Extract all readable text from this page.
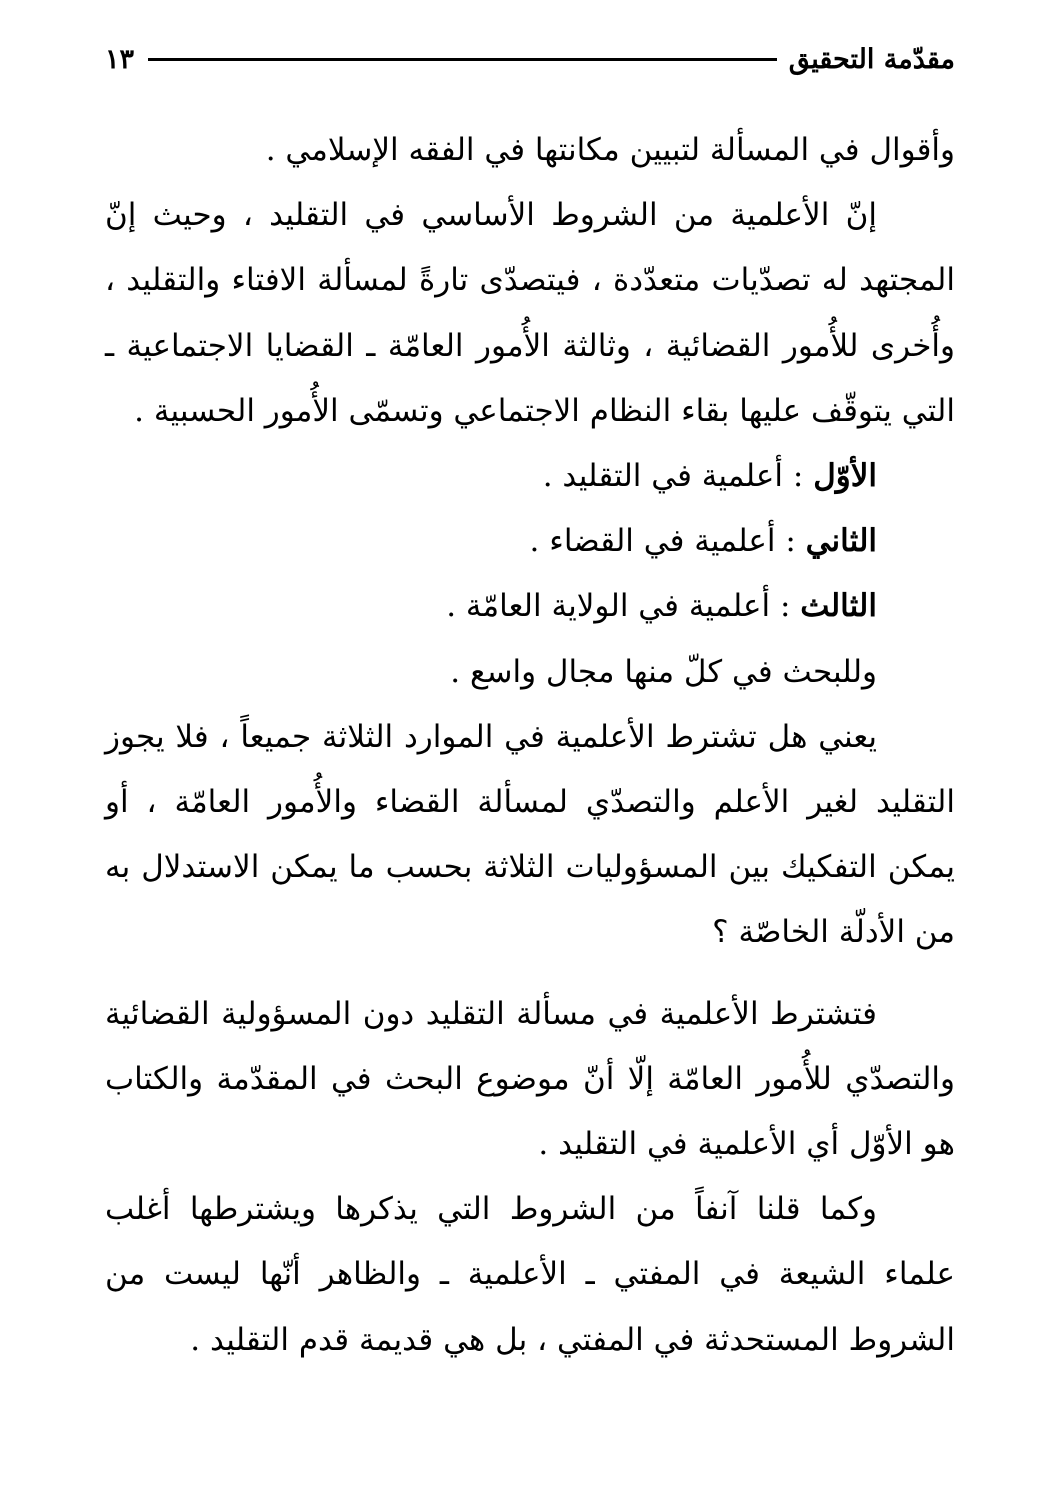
مقدّمة التحقيق
١٣

وأقوال في المسألة لتبيين مكانتها في الفقه الإسلامي .

إنّ الأعلمية من الشروط الأساسي في التقليد ، وحيث إنّ المجتهد له تصدّيات متعدّدة ، فيتصدّى تارةً لمسألة الافتاء والتقليد ، وأُخرى للأُمور القضائية ، وثالثة الأُمور العامّة ـ القضايا الاجتماعية ـ التي يتوقّف عليها بقاء النظام الاجتماعي وتسمّى الأُمور الحسبية .

الأوّل : أعلمية في التقليد .

الثاني : أعلمية في القضاء .

الثالث : أعلمية في الولاية العامّة .

وللبحث في كلّ منها مجال واسع .

يعني هل تشترط الأعلمية في الموارد الثلاثة جميعاً ، فلا يجوز التقليد لغير الأعلم والتصدّي لمسألة القضاء والأُمور العامّة ، أو يمكن التفكيك بين المسؤوليات الثلاثة بحسب ما يمكن الاستدلال به من الأدلّة الخاصّة ؟

فتشترط الأعلمية في مسألة التقليد دون المسؤولية القضائية والتصدّي للأُمور العامّة إلّا أنّ موضوع البحث في المقدّمة والكتاب هو الأوّل أي الأعلمية في التقليد .

وكما قلنا آنفاً من الشروط التي يذكرها ويشترطها أغلب علماء الشيعة في المفتي ـ الأعلمية ـ والظاهر أنّها ليست من الشروط المستحدثة في المفتي ، بل هي قديمة قدم التقليد .
